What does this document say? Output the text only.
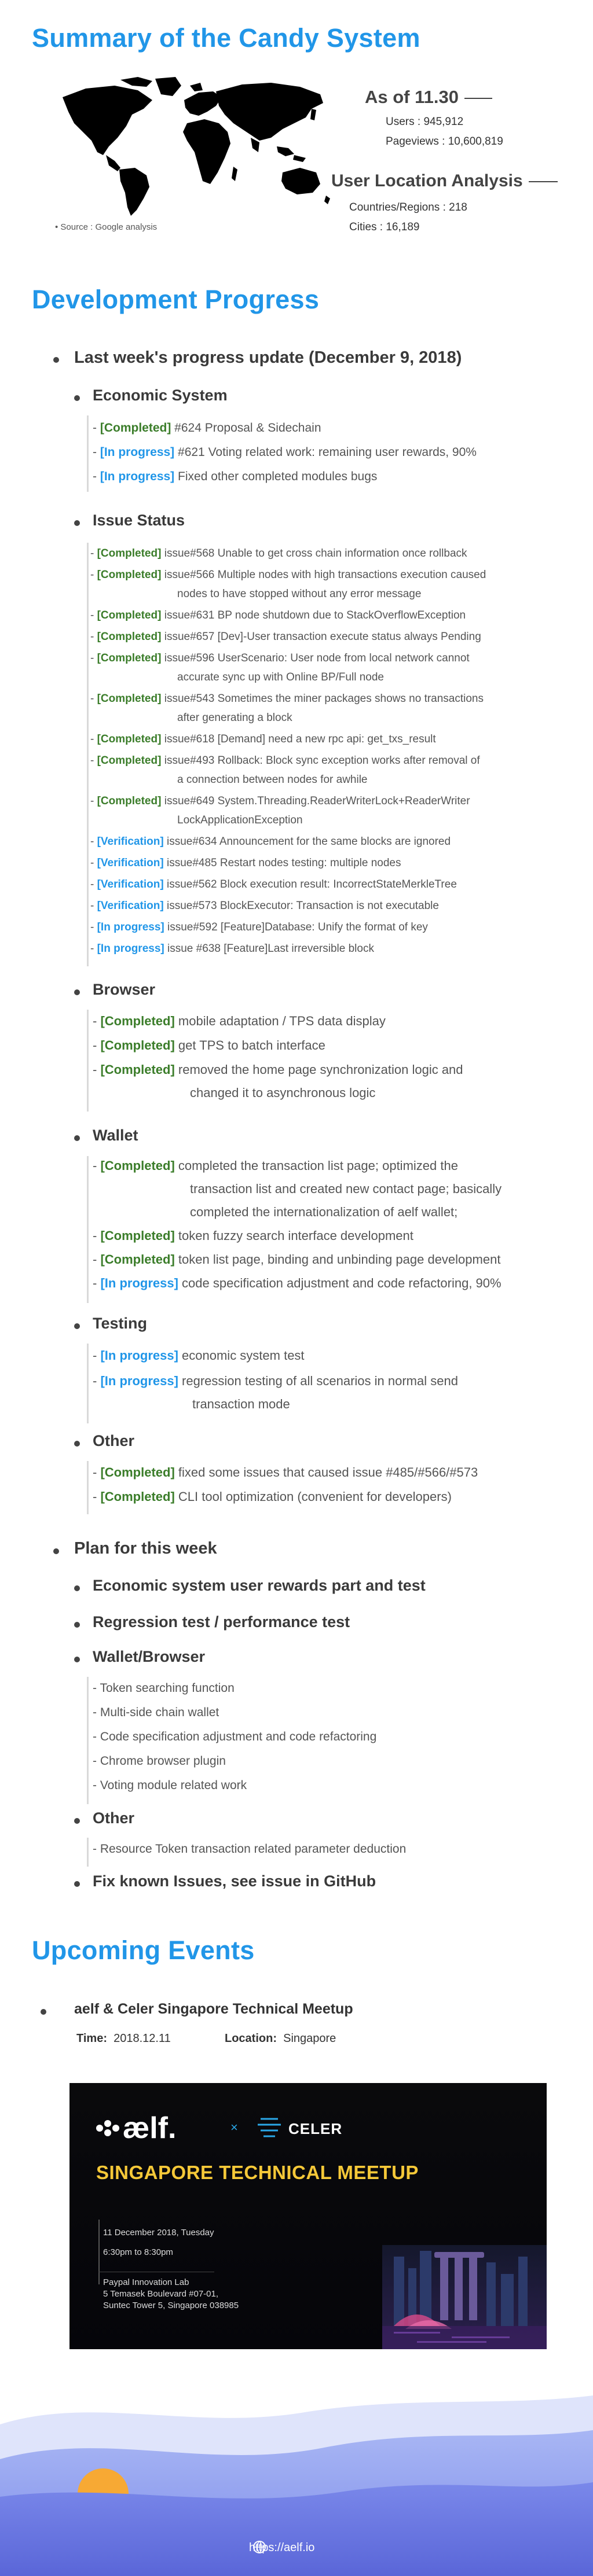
Summary of the Candy System
• Source : Google analysis
As of 11.30
Users : 945,912
Pageviews : 10,600,819
User Location Analysis
Countries/Regions : 218
Cities : 16,189
Development Progress
Last week's progress update (December 9, 2018)
Economic System
- [Completed] #624 Proposal & Sidechain
- [In progress] #621 Voting related work: remaining user rewards, 90%
- [In progress] Fixed other completed modules bugs
Issue Status
- [Completed] issue#568 Unable to get cross chain information once rollback
- [Completed] issue#566 Multiple nodes with high transactions execution caused
nodes to have stopped without any error message
- [Completed] issue#631 BP node shutdown due to StackOverflowException
- [Completed] issue#657 [Dev]-User transaction execute status always Pending
- [Completed] issue#596 UserScenario: User node from local network cannot
accurate sync up with Online BP/Full node
- [Completed] issue#543 Sometimes the miner packages shows no transactions
after generating a block
- [Completed] issue#618 [Demand] need a new rpc api: get_txs_result
- [Completed] issue#493 Rollback: Block sync exception works after removal of
a connection between nodes for awhile
- [Completed] issue#649 System.Threading.ReaderWriterLock+ReaderWriter
LockApplicationException
- [Verification] issue#634 Announcement for the same blocks are ignored
- [Verification] issue#485 Restart nodes testing: multiple nodes
- [Verification] issue#562 Block execution result: IncorrectStateMerkleTree
- [Verification] issue#573 BlockExecutor: Transaction is not executable
- [In progress] issue#592 [Feature]Database: Unify the format of key
- [In progress] issue #638 [Feature]Last irreversible block
Browser
- [Completed] mobile adaptation / TPS data display
- [Completed] get TPS to batch interface
- [Completed] removed the home page synchronization logic and
changed it to asynchronous logic
Wallet
- [Completed] completed the transaction list page; optimized the
transaction list and created new contact page; basically
completed the internationalization of aelf wallet;
- [Completed] token fuzzy search interface development
- [Completed] token list page, binding and unbinding page development
- [In progress] code specification adjustment and code refactoring, 90%
Testing
- [In progress] economic system test
- [In progress] regression testing of all scenarios in normal send
transaction mode
Other
- [Completed] fixed some issues that caused issue #485/#566/#573
- [Completed] CLI tool optimization (convenient for developers)
Plan for this week
Economic system user rewards part and test
Regression test / performance test
Wallet/Browser
- Token searching function
- Multi-side chain wallet
- Code specification adjustment and code refactoring
- Chrome browser plugin
- Voting module related work
Other
- Resource Token transaction related parameter deduction
Fix known Issues, see issue in GitHub
Upcoming Events
aelf & Celer Singapore Technical Meetup
Time: 2018.12.11	Location: Singapore
ælf.	×	CELER
SINGAPORE TECHNICAL MEETUP
11 December 2018, Tuesday
6:30pm to 8:30pm
Paypal Innovation Lab
5 Temasek Boulevard #07-01,
Suntec Tower 5, Singapore 038985
https://aelf.io
